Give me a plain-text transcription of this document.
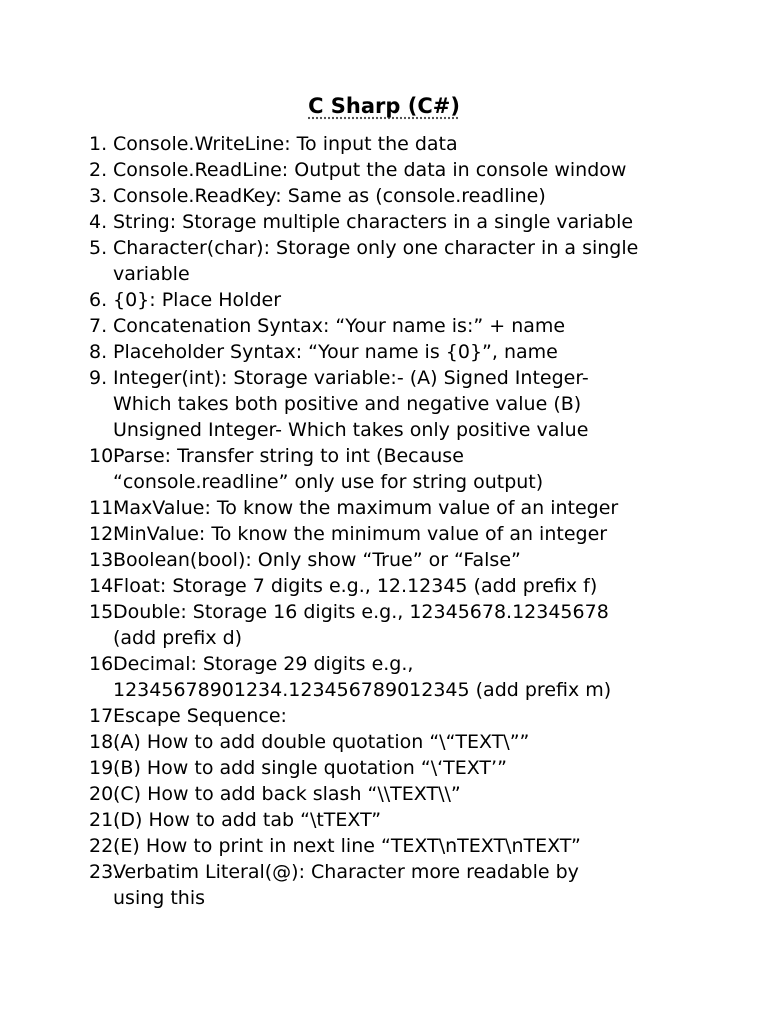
C Sharp (C#)
1. Console.WriteLine: To input the data
2. Console.ReadLine: Output the data in console window
3. Console.ReadKey: Same as (console.readline)
4. String: Storage multiple characters in a single variable
5. Character(char): Storage only one character in a single
variable
6. {0}: Place Holder
7. Concatenation Syntax: “Your name is:” + name
8. Placeholder Syntax: “Your name is {0}”, name
9. Integer(int): Storage variable:- (A) Signed Integer-
Which takes both positive and negative value (B)
Unsigned Integer- Which takes only positive value
10.
Parse: Transfer string to int (Because
“console.readline” only use for string output)
11.
MaxValue: To know the maximum value of an integer
12.
MinValue: To know the minimum value of an integer
13.
Boolean(bool): Only show “True” or “False”
14.
Float: Storage 7 digits e.g., 12.12345 (add prefix f)
15.
Double: Storage 16 digits e.g., 12345678.12345678
(add prefix d)
16.
Decimal: Storage 29 digits e.g.,
12345678901234.123456789012345 (add prefix m)
17.
Escape Sequence:
18.
(A) How to add double quotation “\“TEXT\””
19.
(B) How to add single quotation “\‘TEXT’”
20.
(C) How to add back slash “\\TEXT\\”
21.
(D) How to add tab “\tTEXT”
22.
(E) How to print in next line “TEXT\nTEXT\nTEXT”
23.
Verbatim Literal(@): Character more readable by
using this
